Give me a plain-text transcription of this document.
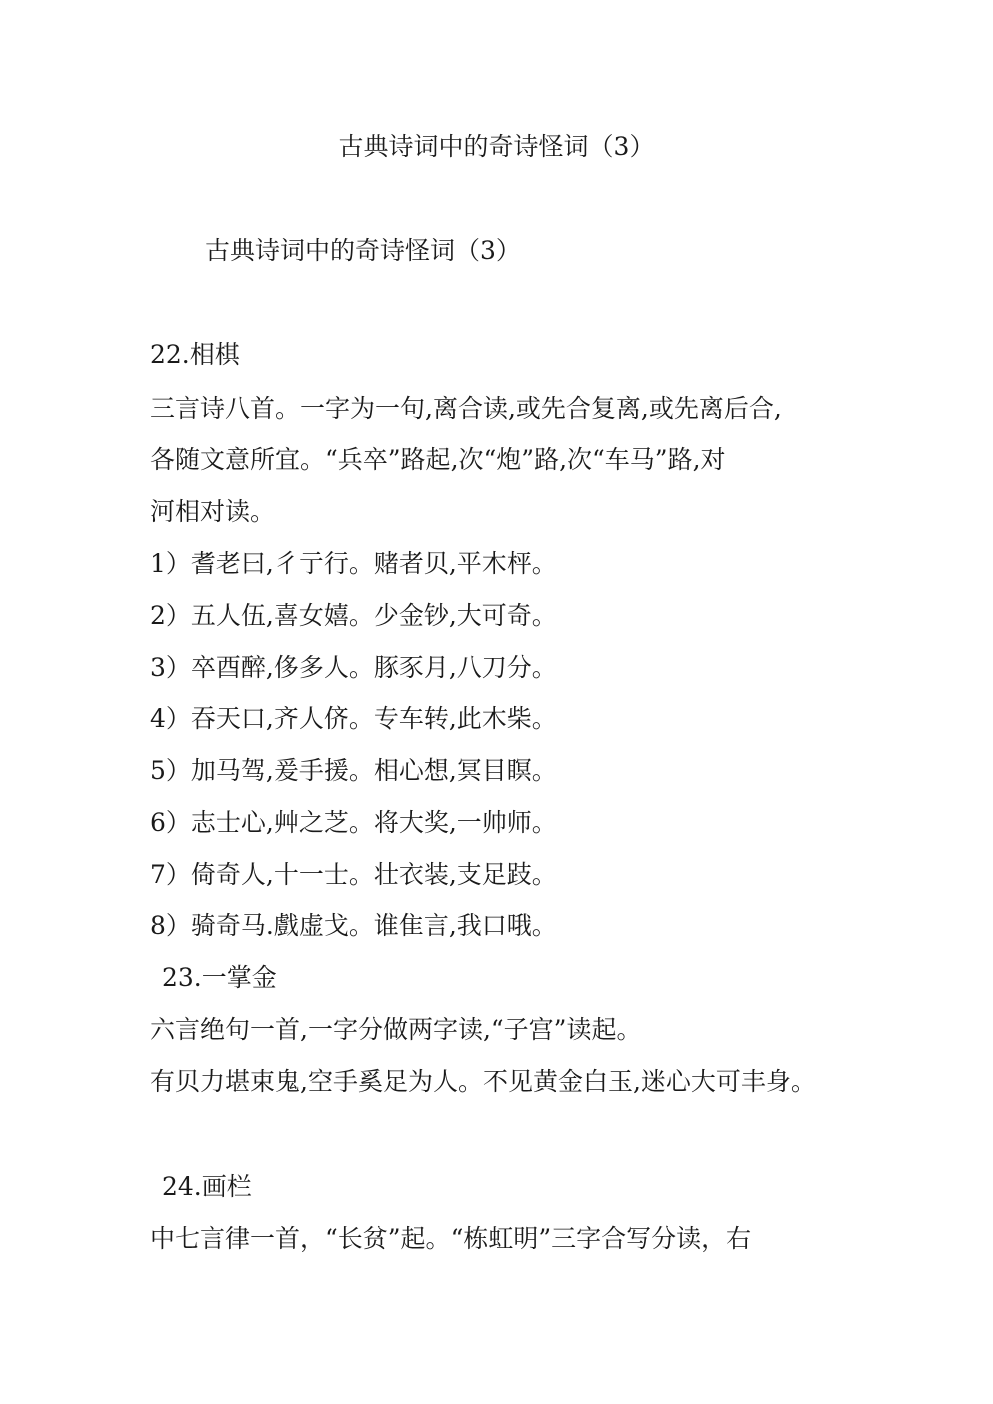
古典诗词中的奇诗怪词（3）
古典诗词中的奇诗怪词（3）
22.相棋
三言诗八首。一字为一句,离合读,或先合复离,或先离后合,
各随文意所宜。“兵卒”路起,次“炮”路,次“车马”路,对
河相对读。
1）耆老曰,彳亍行。赌者贝,平木枰。
2）五人伍,喜女嬉。少金钞,大可奇。
3）卒酉醉,侈多人。豚豕月,八刀分。
4）吞天口,齐人侪。专车转,此木柴。
5）加马驾,爰手援。相心想,冥目瞑。
6）志士心,艸之芝。将大奖,一帅师。
7）倚奇人,十一士。壮衣装,支足跂。
8）骑奇马.戲虚戈。谁隹言,我口哦。
23.一掌金
六言绝句一首,一字分做两字读,“子宫”读起。
有贝力堪束鬼,空手奚足为人。不见黄金白玉,迷心大可丰身。
24.画栏
中七言律一首，“长贫”起。“栋虹明”三字合写分读，右
